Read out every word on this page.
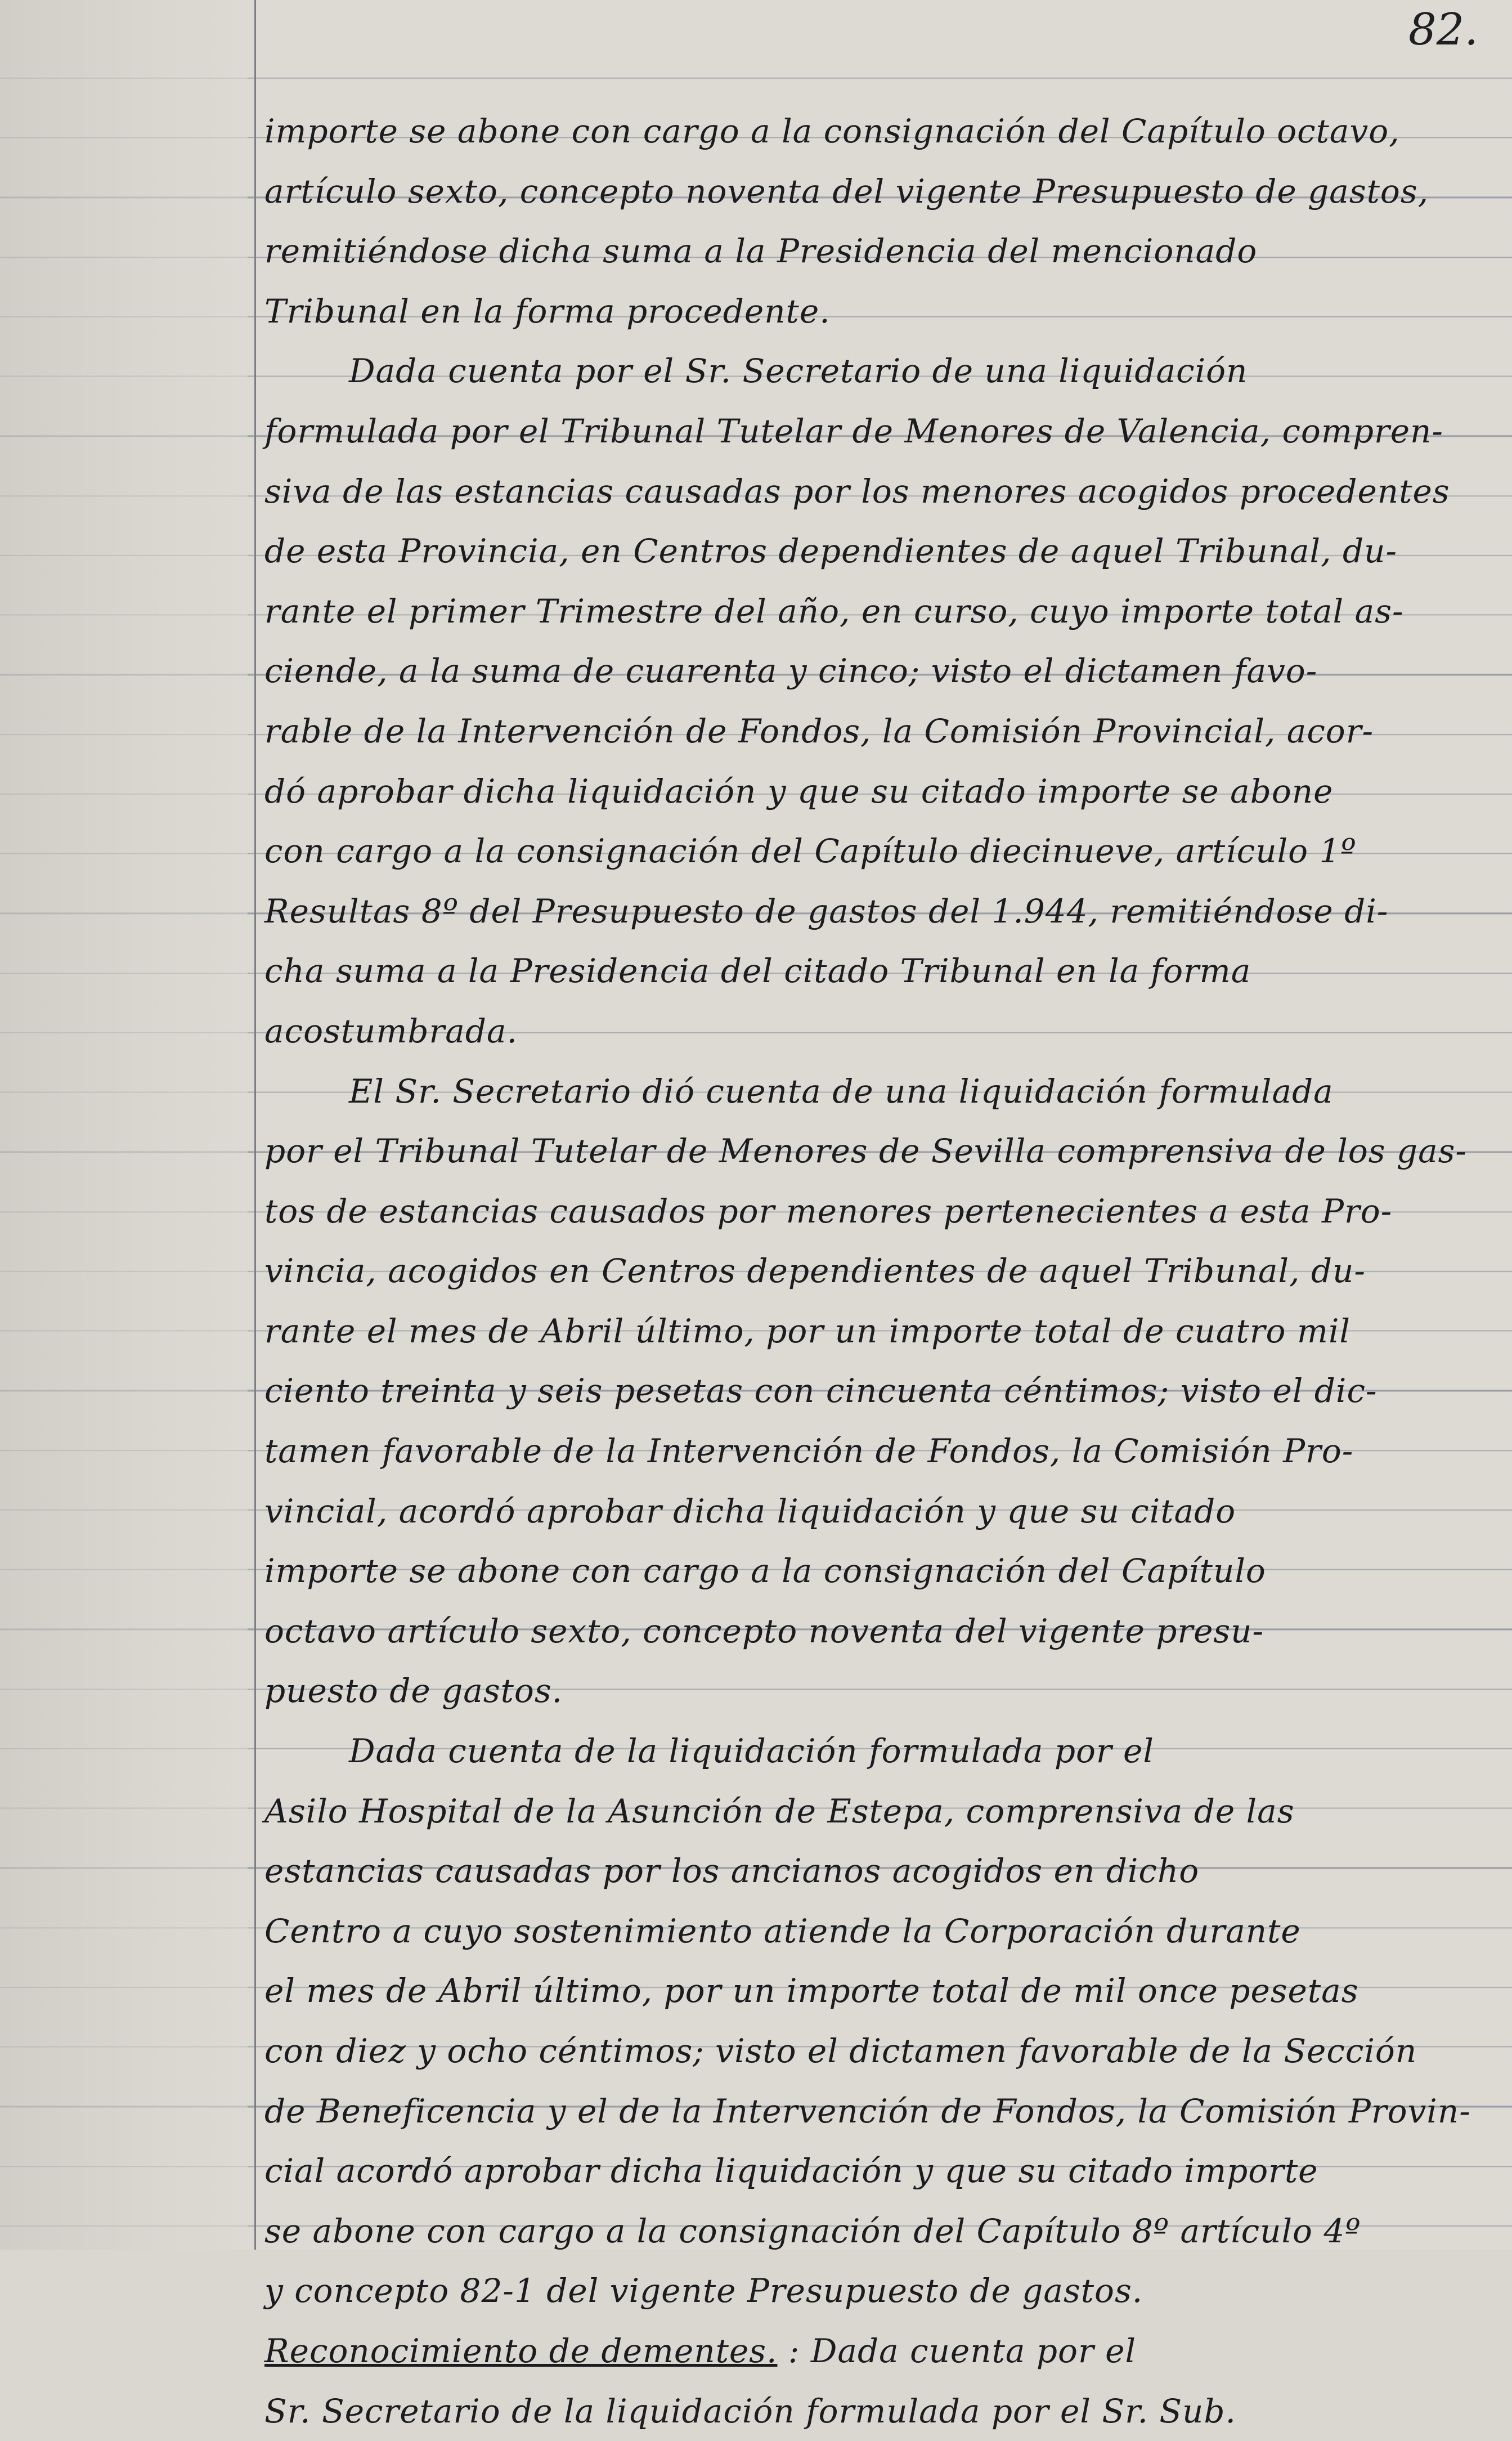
82.
importe se abone con cargo a la consignación del Capítulo octavo,
artículo sexto, concepto noventa del vigente Presupuesto de gastos,
remitiéndose dicha suma a la Presidencia del mencionado
Tribunal en la forma procedente.
Dada cuenta por el Sr. Secretario de una liquidación
formulada por el Tribunal Tutelar de Menores de Valencia, compren-
siva de las estancias causadas por los menores acogidos procedentes
de esta Provincia, en Centros dependientes de aquel Tribunal, du-
rante el primer Trimestre del año, en curso, cuyo importe total as-
ciende, a la suma de cuarenta y cinco; visto el dictamen favo-
rable de la Intervención de Fondos, la Comisión Provincial, acor-
dó aprobar dicha liquidación y que su citado importe se abone
con cargo a la consignación del Capítulo diecinueve, artículo 1º
Resultas 8º del Presupuesto de gastos del 1.944, remitiéndose di-
cha suma a la Presidencia del citado Tribunal en la forma
acostumbrada.
El Sr. Secretario dió cuenta de una liquidación formulada
por el Tribunal Tutelar de Menores de Sevilla comprensiva de los gas-
tos de estancias causados por menores pertenecientes a esta Pro-
vincia, acogidos en Centros dependientes de aquel Tribunal, du-
rante el mes de Abril último, por un importe total de cuatro mil
ciento treinta y seis pesetas con cincuenta céntimos; visto el dic-
tamen favorable de la Intervención de Fondos, la Comisión Pro-
vincial, acordó aprobar dicha liquidación y que su citado
importe se abone con cargo a la consignación del Capítulo
octavo artículo sexto, concepto noventa del vigente presu-
puesto de gastos.
Dada cuenta de la liquidación formulada por el
Asilo Hospital de la Asunción de Estepa, comprensiva de las
estancias causadas por los ancianos acogidos en dicho
Centro a cuyo sostenimiento atiende la Corporación durante
el mes de Abril último, por un importe total de mil once pesetas
con diez y ocho céntimos; visto el dictamen favorable de la Sección
de Beneficencia y el de la Intervención de Fondos, la Comisión Provin-
cial acordó aprobar dicha liquidación y que su citado importe
se abone con cargo a la consignación del Capítulo 8º artículo 4º
y concepto 82-1 del vigente Presupuesto de gastos.
Reconocimiento de dementes. : Dada cuenta por el
Sr. Secretario de la liquidación formulada por el Sr. Sub.
